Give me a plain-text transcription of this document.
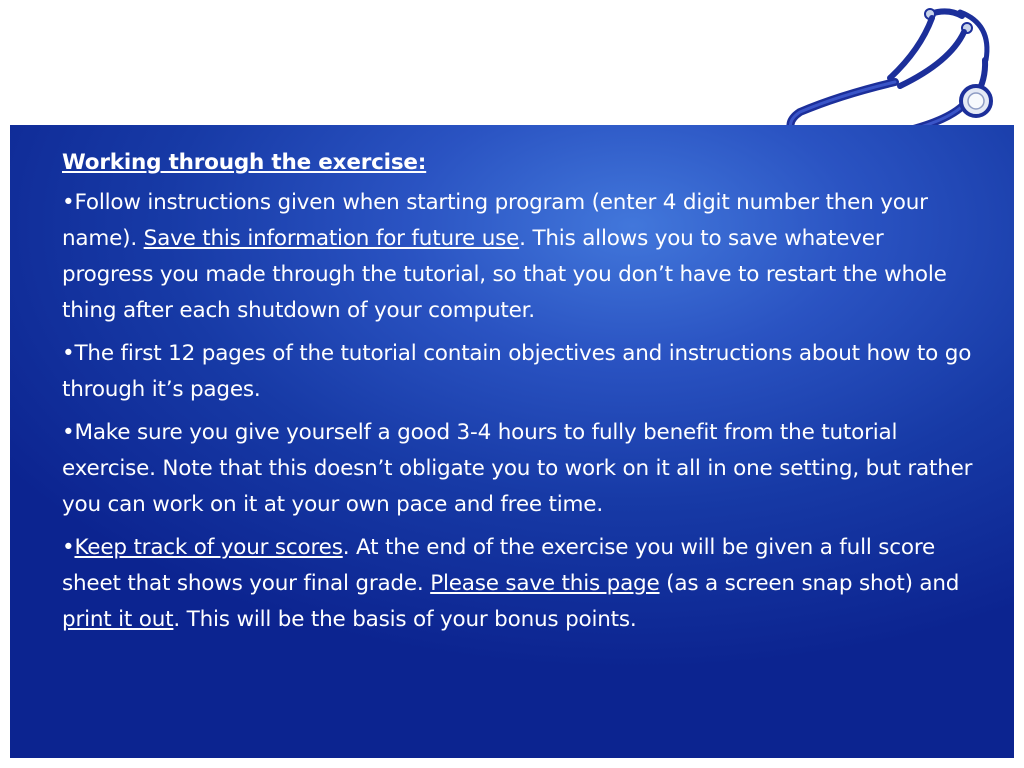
Working through the exercise:
•Follow instructions given when starting program (enter 4 digit number then your name). Save this information for future use. This allows you to save whatever progress you made through the tutorial, so that you don’t have to restart the whole thing after each shutdown of your computer.
•The first 12 pages of the tutorial contain objectives and instructions about how to go through it’s pages.
•Make sure you give yourself a good 3-4 hours to fully benefit from the tutorial exercise. Note that this doesn’t obligate you to work on it all in one setting, but rather you can work on it at your own pace and free time.
•Keep track of your scores. At the end of the exercise you will be given a full score sheet that shows your final grade. Please save this page (as a screen snap shot) and print it out. This will be the basis of your bonus points.
